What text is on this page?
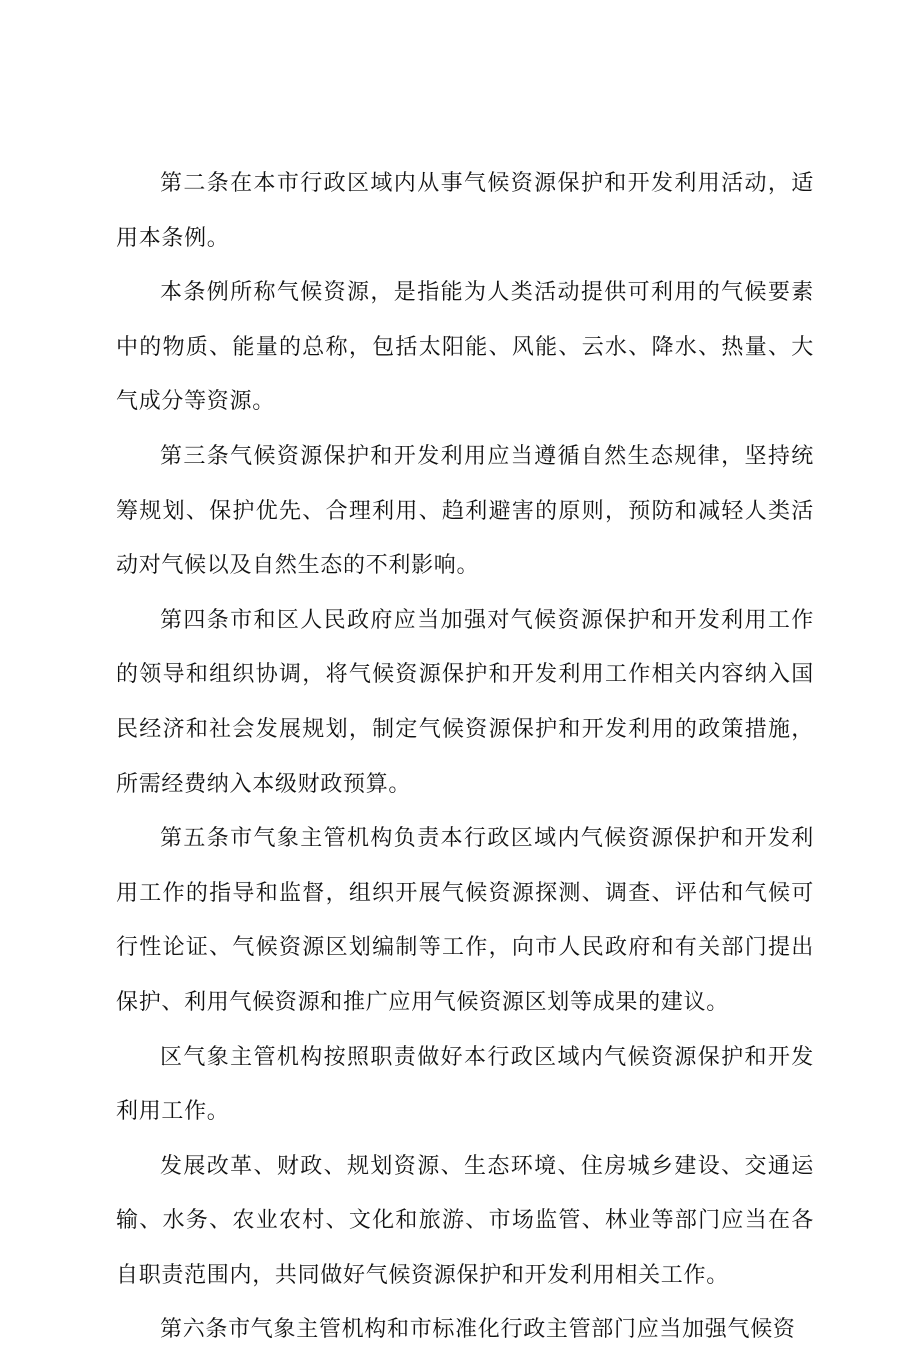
第二条在本市行政区域内从事气候资源保护和开发利用活动，适用本条例。

本条例所称气候资源，是指能为人类活动提供可利用的气候要素中的物质、能量的总称，包括太阳能、风能、云水、降水、热量、大气成分等资源。

第三条气候资源保护和开发利用应当遵循自然生态规律，坚持统筹规划、保护优先、合理利用、趋利避害的原则，预防和减轻人类活动对气候以及自然生态的不利影响。

第四条市和区人民政府应当加强对气候资源保护和开发利用工作的领导和组织协调，将气候资源保护和开发利用工作相关内容纳入国民经济和社会发展规划，制定气候资源保护和开发利用的政策措施，所需经费纳入本级财政预算。

第五条市气象主管机构负责本行政区域内气候资源保护和开发利用工作的指导和监督，组织开展气候资源探测、调查、评估和气候可行性论证、气候资源区划编制等工作，向市人民政府和有关部门提出保护、利用气候资源和推广应用气候资源区划等成果的建议。

区气象主管机构按照职责做好本行政区域内气候资源保护和开发利用工作。

发展改革、财政、规划资源、生态环境、住房城乡建设、交通运输、水务、农业农村、文化和旅游、市场监管、林业等部门应当在各自职责范围内，共同做好气候资源保护和开发利用相关工作。

第六条市气象主管机构和市标准化行政主管部门应当加强气候资
